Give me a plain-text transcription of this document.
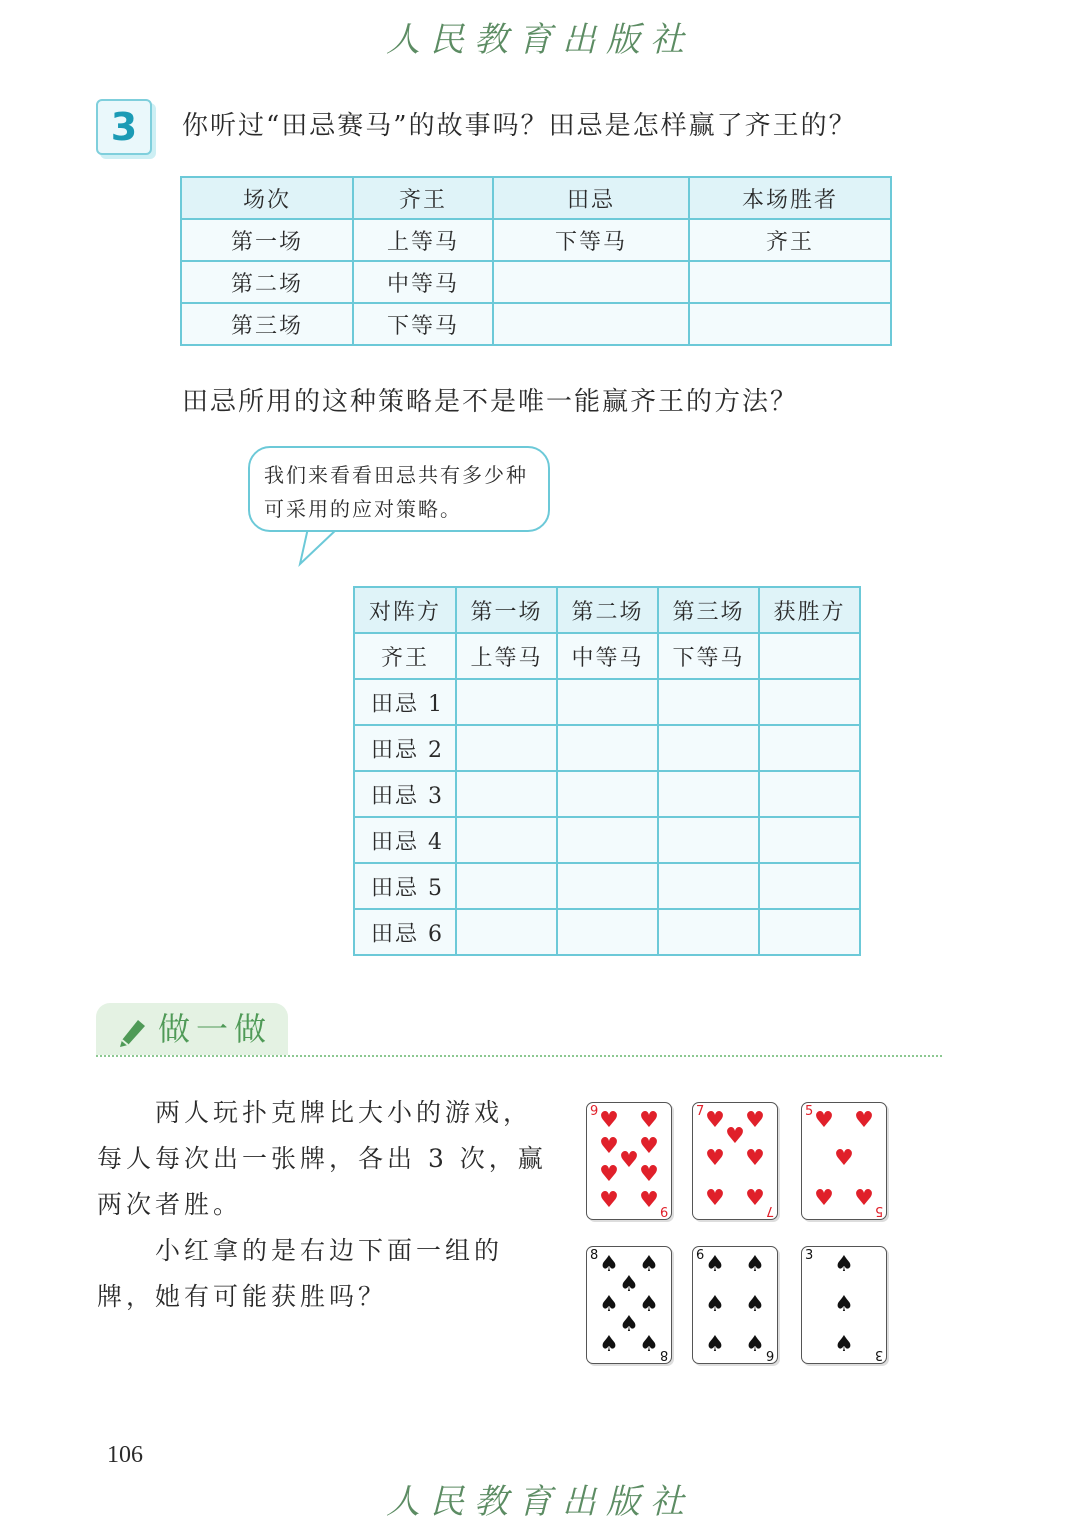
人民教育出版社
3	你听过“田忌赛马”的故事吗？田忌是怎样赢了齐王的？
场次	齐王	田忌	本场胜者
第一场	上等马	下等马	齐王
第二场	中等马		
第三场	下等马		
田忌所用的这种策略是不是唯一能赢齐王的方法？
我们来看看田忌共有多少种
可采用的应对策略。
对阵方	第一场	第二场	第三场	获胜方
齐王	上等马	中等马	下等马	
田忌 1				
田忌 2				
田忌 3				
田忌 4				
田忌 5				
田忌 6				
做一做
两人玩扑克牌比大小的游戏，
每人每次出一张牌，各出 3 次，赢
两次者胜。
小红拿的是右边下面一组的
牌，她有可能获胜吗？
9
9
♥ ♥
♥ ♥
♥
♥ ♥
♥ ♥
7
7
♥ ♥
♥
♥ ♥
♥ ♥
5
5
♥ ♥
♥
♥ ♥
8
8
♠ ♠
♠
♠ ♠
♠
♠ ♠
6
6
♠ ♠
♠ ♠
♠ ♠
3
3
♠
♠
♠
106
人民教育出版社
